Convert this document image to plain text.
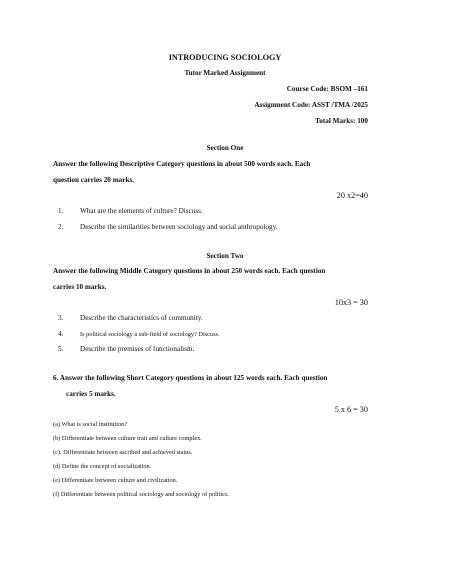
INTRODUCING SOCIOLOGY
Tutor Marked Assignment
Course Code: BSOM –161
Assignment Code: ASST /TMA /2025
Total Marks: 100
Section One
Answer the following Descriptive Category questions in about 500 words each. Each
question carries 20 marks.
20 x2=40
1. What are the elements of culture? Discuss.
2. Describe the similarities between sociology and social anthropology.
Section Two
Answer the following Middle Category questions in about 250 words each. Each question
carries 10 marks.
10x3 = 30
3. Describe the characteristics of community.
4.	Is political sociology a sub-field of sociology? Discuss.
5. Describe the premises of functionalism.
6. Answer the following Short Category questions in about 125 words each. Each question
carries 5 marks.
5 x 6 = 30
(a) What is social institution?
(b) Differentiate between culture trait and culture complex.
(c). Differentiate between ascribed and achieved status.
(d) Define the concept of socialization.
(e) Differentiate between culture and civilization.
(f) Differentiate between political sociology and sociology of politics.
